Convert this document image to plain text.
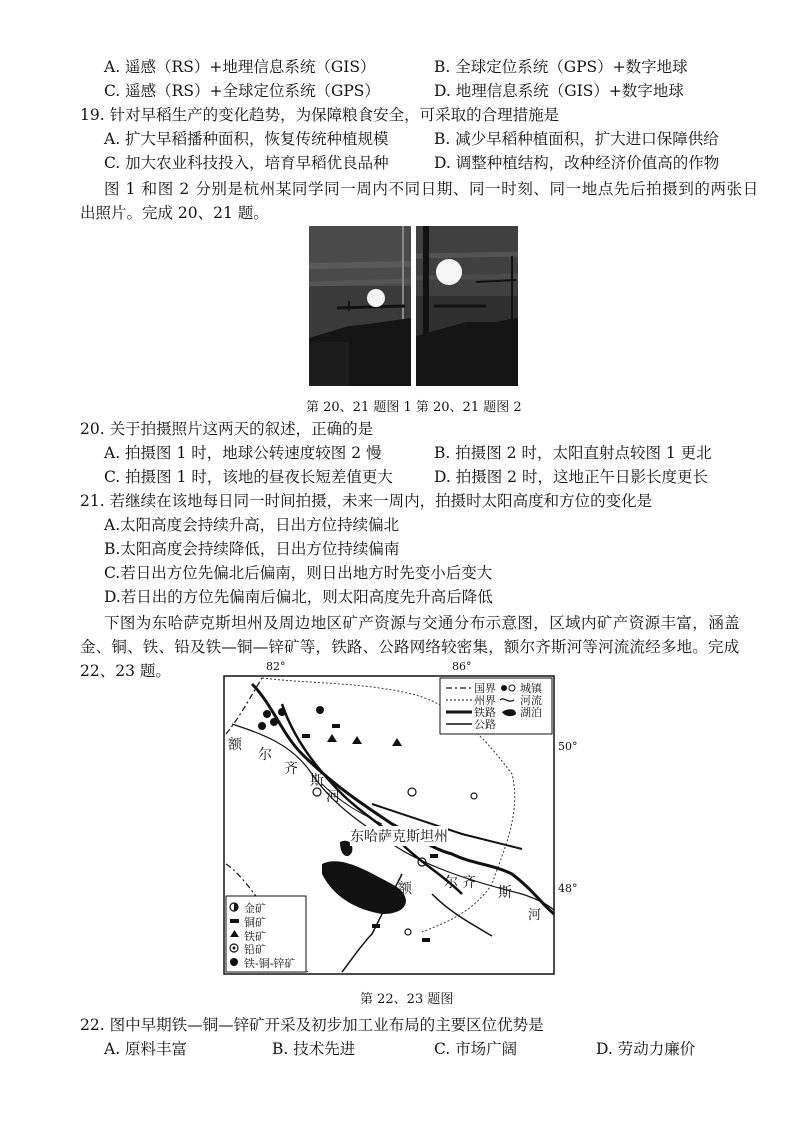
A. 遥感（RS）+地理信息系统（GIS）	B. 全球定位系统（GPS）+数字地球
C. 遥感（RS）+全球定位系统（GPS）	D. 地理信息系统（GIS）+数字地球
19. 针对早稻生产的变化趋势，为保障粮食安全，可采取的合理措施是
A. 扩大早稻播种面积，恢复传统种植规模	B. 减少早稻种植面积，扩大进口保障供给
C. 加大农业科技投入，培育早稻优良品种	D. 调整种植结构，改种经济价值高的作物
图 1 和图 2 分别是杭州某同学同一周内不同日期、同一时刻、同一地点先后拍摄到的两张日
出照片。完成 20、21 题。
第 20、21 题图 1 第 20、21 题图 2
20. 关于拍摄照片这两天的叙述，正确的是
A. 拍摄图 1 时，地球公转速度较图 2 慢	B. 拍摄图 2 时，太阳直射点较图 1 更北
C. 拍摄图 1 时，该地的昼夜长短差值更大	D. 拍摄图 2 时，这地正午日影长度更长
21. 若继续在该地每日同一时间拍摄，未来一周内，拍摄时太阳高度和方位的变化是
A.太阳高度会持续升高，日出方位持续偏北
B.太阳高度会持续降低，日出方位持续偏南
C.若日出方位先偏北后偏南，则日出地方时先变小后变大
D.若日出的方位先偏南后偏北，则太阳高度先升高后降低
下图为东哈萨克斯坦州及周边地区矿产资源与交通分布示意图，区域内矿产资源丰富，涵盖
金、铜、铁、铅及铁—铜—锌矿等，铁路、公路网络较密集，额尔齐斯河等河流流经多地。完成
22、23 题。	82°	86°
50°
48°
国界
州界
铁路
公路
城镇
河流
湖泊
金矿
铜矿
铁矿
铅矿
铁-铜-锌矿
额
尔
齐
斯
河
东哈萨克斯坦州
额 尔 齐
斯
河
第 22、23 题图
22. 图中早期铁—铜—锌矿开采及初步加工业布局的主要区位优势是
A. 原料丰富	B. 技术先进	C. 市场广阔	D. 劳动力廉价
